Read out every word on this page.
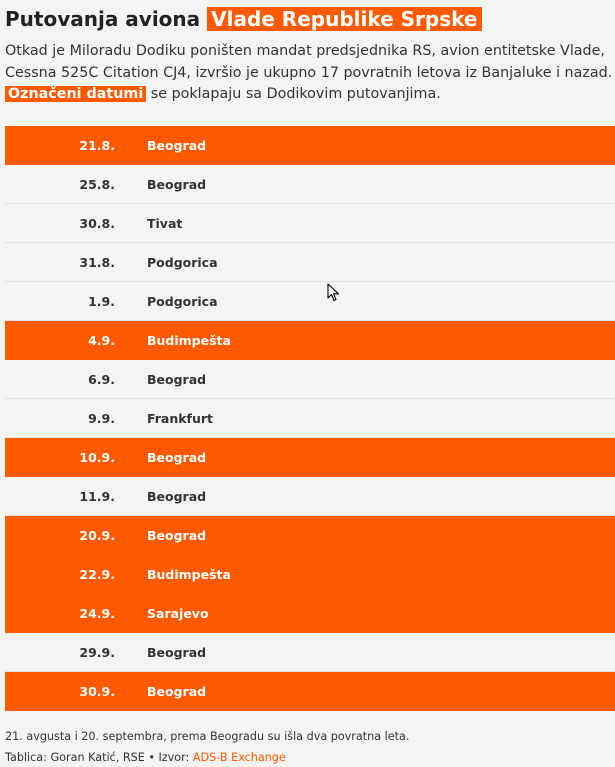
Putovanja aviona Vlade Republike Srpske

Otkad je Miloradu Dodiku poništen mandat predsjednika RS, avion entitetske Vlade, Cessna 525C Citation CJ4, izvršio je ukupno 17 povratnih letova iz Banjaluke i nazad. Označeni datumi se poklapaju sa Dodikovim putovanjima.

21.8.	Beograd
25.8.	Beograd
30.8.	Tivat
31.8.	Podgorica
1.9.	Podgorica
4.9.	Budimpešta
6.9.	Beograd
9.9.	Frankfurt
10.9.	Beograd
11.9.	Beograd
20.9.	Beograd
22.9.	Budimpešta
24.9.	Sarajevo
29.9.	Beograd
30.9.	Beograd
21. avgusta i 20. septembra, prema Beogradu su išla dva povratna leta.
Tablica: Goran Katić, RSE • Izvor: ADS-B Exchange
